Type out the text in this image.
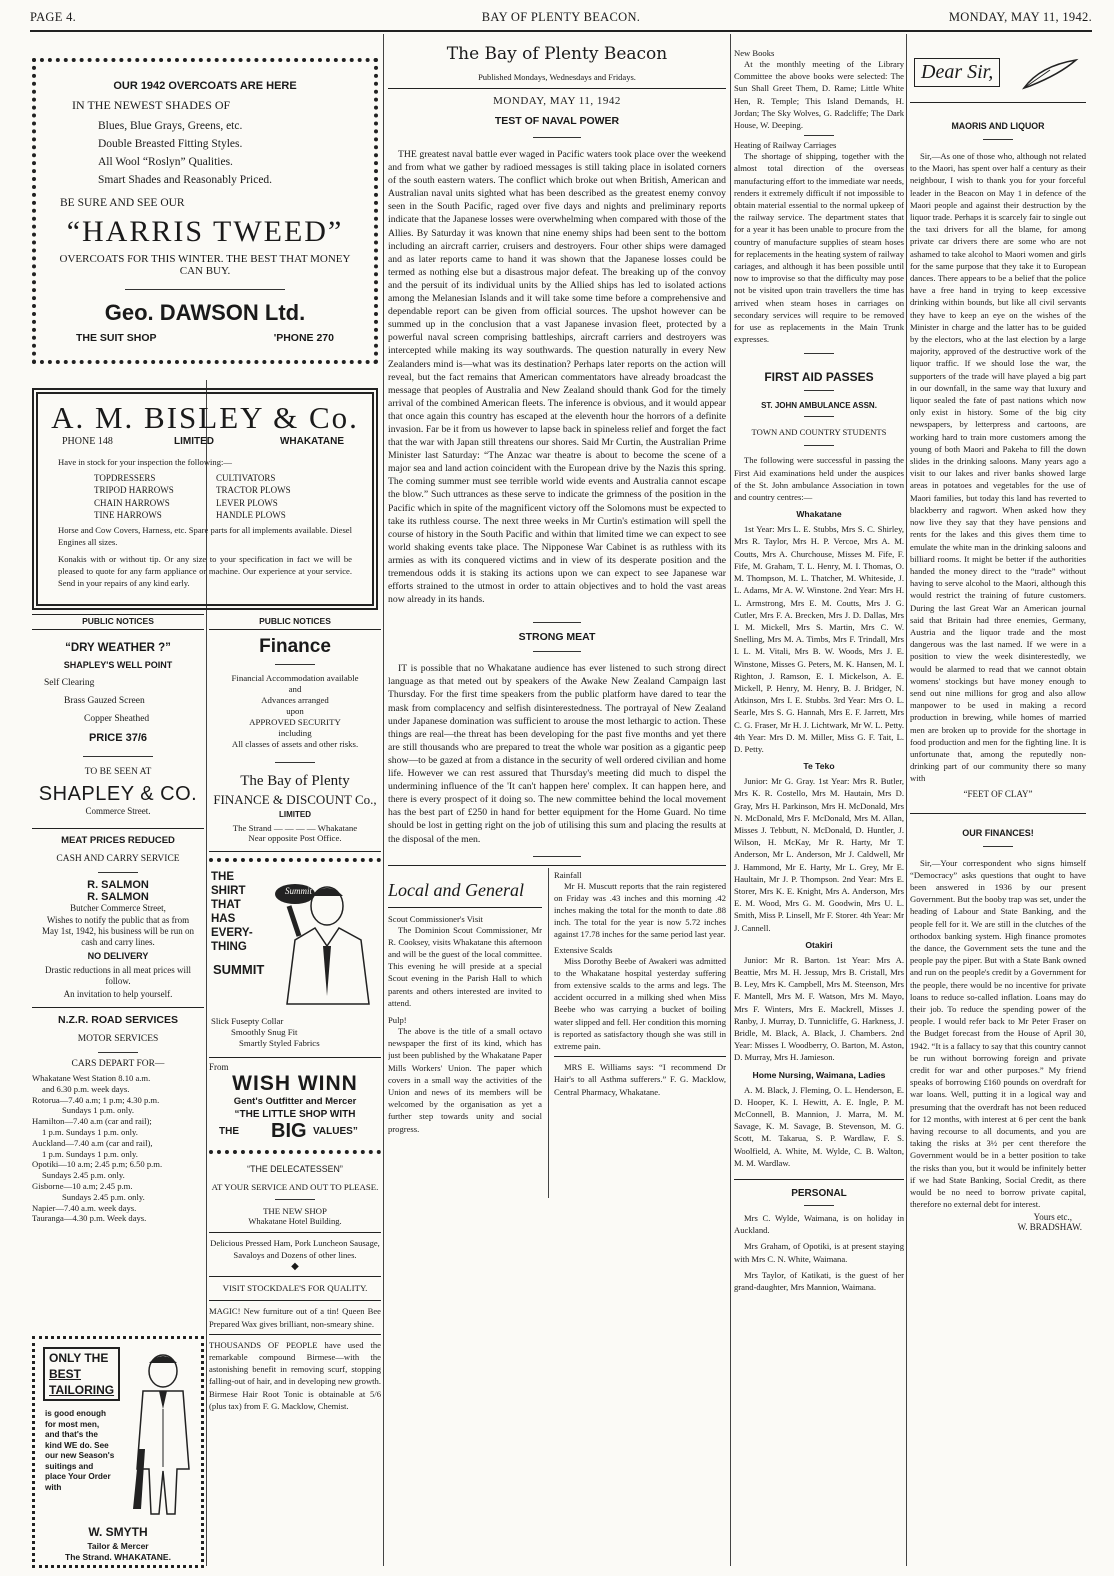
PAGE 4.	BAY OF PLENTY BEACON.	MONDAY, MAY 11, 1942.
OUR 1942 OVERCOATS ARE HERE
IN THE NEWEST SHADES OF
Blues, Blue Grays, Greens, etc.
Double Breasted Fitting Styles.
All Wool “Roslyn” Qualities.
Smart Shades and Reasonably Priced.
BE SURE AND SEE OUR
“HARRIS TWEED”
OVERCOATS FOR THIS WINTER. THE BEST THAT MONEY CAN BUY.
Geo. DAWSON Ltd.
THE SUIT SHOP	'PHONE 270
A. M. BISLEY & Co.
PHONE 148	LIMITED	WHAKATANE
Have in stock for your inspection the following:—
TOPDRESSERS
TRIPOD HARROWS
CHAIN HARROWS
TINE HARROWS
CULTIVATORS
TRACTOR PLOWS
LEVER PLOWS
HANDLE PLOWS
Horse and Cow Covers, Harness, etc. Spare parts for all implements available. Diesel Engines all sizes.
Konakis with or without tip. Or any size to your specification in fact we will be pleased to quote for any farm appliance or machine. Our experience at your service. Send in your repairs of any kind early.
PUBLIC NOTICES
“DRY WEATHER ?”
SHAPLEY'S WELL POINT
Self Clearing
Brass Gauzed Screen
Copper Sheathed
PRICE 37/6
TO BE SEEN AT
SHAPLEY & CO.
Commerce Street.
MEAT PRICES REDUCED
CASH AND CARRY SERVICE
R. SALMON
R. SALMON
Butcher Commerce Street,
Wishes to notify the public that as from May 1st, 1942, his business will be run on cash and carry lines.
NO DELIVERY
Drastic reductions in all meat prices will follow.
An invitation to help yourself.
N.Z.R. ROAD SERVICES
MOTOR SERVICES
CARS DEPART FOR—
Whakatane West Station 8.10 a.m.
and 6.30 p.m. week days.
Rotorua—7.40 a.m; 1 p.m; 4.30 p.m.
Sundays 1 p.m. only.
Hamilton—7.40 a.m (car and rail);
1 p.m. Sundays 1 p.m. only.
Auckland—7.40 a.m (car and rail),
1 p.m. Sundays 1 p.m. only.
Opotiki—10 a.m; 2.45 p.m; 6.50 p.m.
Sundays 2.45 p.m. only.
Gisborne—10 a.m; 2.45 p.m.
Sundays 2.45 p.m. only.
Napier—7.40 a.m. week days.
Tauranga—4.30 p.m. Week days.
ONLY THE
BEST
TAILORING
is good enough for most men, and that's the kind WE do. See our new Season's suitings and place Your Order with
W. SMYTH
Tailor & Mercer
The Strand. WHAKATANE.
PUBLIC NOTICES
Finance
Financial Accommodation available
and
Advances arranged
upon
APPROVED SECURITY
including
All classes of assets and other risks.
The Bay of Plenty
FINANCE & DISCOUNT Co.,
LIMITED
The Strand — — — — Whakatane
Near opposite Post Office.
THE
SHIRT
THAT
HAS
EVERY-
THING
SUMMIT
Summit
Slick Fusepty Collar
Smoothly Snug Fit
Smartly Styled Fabrics
From
WISH WINN
Gent's Outfitter and Mercer
“THE LITTLE SHOP WITH
THE BIG VALUES”
“THE DELECATESSEN”
AT YOUR SERVICE AND OUT TO PLEASE.
THE NEW SHOP
Whakatane Hotel Building.
Delicious Pressed Ham, Pork Luncheon Sausage, Savaloys and Dozens of other lines.
◆
VISIT STOCKDALE'S FOR QUALITY.
MAGIC! New furniture out of a tin! Queen Bee Prepared Wax gives brilliant, non-smeary shine.
THOUSANDS OF PEOPLE have used the remarkable compound Birmese—with the astonishing benefit in removing scurf, stopping falling-out of hair, and in developing new growth. Birmese Hair Root Tonic is obtainable at 5/6 (plus tax) from F. G. Macklow, Chemist.
The Bay of Plenty Beacon
Published Mondays, Wednesdays and Fridays.
MONDAY, MAY 11, 1942
TEST OF NAVAL POWER

THE greatest naval battle ever waged in Pacific waters took place over the weekend and from what we gather by radioed messages is still taking place in isolated corners of the south eastern waters. The conflict which broke out when British, American and Australian naval units sighted what has been described as the greatest enemy convoy seen in the South Pacific, raged over five days and nights and preliminary reports indicate that the Japanese losses were overwhelming when compared with those of the Allies. By Saturday it was known that nine enemy ships had been sent to the bottom including an aircraft carrier, cruisers and destroyers. Four other ships were damaged and as later reports came to hand it was shown that the Japanese losses could be termed as nothing else but a disastrous major defeat. The breaking up of the convoy and the persuit of its individual units by the Allied ships has led to isolated actions among the Melanesian Islands and it will take some time before a comprehensive and dependable report can be given from official sources. The upshot however can be summed up in the conclusion that a vast Japanese invasion fleet, protected by a powerful naval screen comprising battleships, aircraft carriers and destroyers was intercepted while making its way southwards. The question naturally in every New Zealanders mind is—what was its destination? Perhaps later reports on the action will reveal, but the fact remains that American commentators have already broadcast the message that peoples of Australia and New Zealand should thank God for the timely arrival of the combined American fleets. The inference is obvious, and it would appear that once again this country has escaped at the eleventh hour the horrors of a definite invasion. Far be it from us however to lapse back in spineless relief and forget the fact that the war with Japan still threatens our shores. Said Mr Curtin, the Australian Prime Minister last Saturday: “The Anzac war theatre is about to become the scene of a major sea and land action coincident with the European drive by the Nazis this spring. The coming summer must see terrible world wide events and Australia cannot escape the blow.” Such uttrances as these serve to indicate the grimness of the position in the Pacific which in spite of the magnificent victory off the Solomons must be expected to take its ruthless course. The next three weeks in Mr Curtin's estimation will spell the course of history in the South Pacific and within that limited time we can expect to see world shaking events take place. The Nipponese War Cabinet is as ruthless with its armies as with its conquered victims and in view of its desperate position and the tremendous odds it is staking its actions upon we can expect to see Japanese war efforts strained to the utmost in order to attain objectives and to hold the vast areas now already in its hands.

STRONG MEAT

IT is possible that no Whakatane audience has ever listened to such strong direct language as that meted out by speakers of the Awake New Zealand Campaign last Thursday. For the first time speakers from the public platform have dared to tear the mask from complacency and selfish disinterestedness. The portrayal of New Zealand under Japanese domination was sufficient to arouse the most lethargic to action. These things are real—the threat has been developing for the past five months and yet there are still thousands who are prepared to treat the whole war position as a gigantic peep show—to be gazed at from a distance in the security of well ordered civilian and home life. However we can rest assured that Thursday's meeting did much to dispel the undermining influence of the 'It can't happen here' complex. It can happen here, and there is every prospect of it doing so. The new committee behind the local movement has the best part of £250 in hand for better equipment for the Home Guard. No time should be lost in getting right on the job of utilising this sum and placing the results at the disposal of the men.

Local and General
Scout Commissioner's Visit

The Dominion Scout Commissioner, Mr R. Cooksey, visits Whakatane this afternoon and will be the guest of the local committee. This evening he will preside at a special Scout evening in the Parish Hall to which parents and others interested are invited to attend.

Pulp!

The above is the title of a small octavo newspaper the first of its kind, which has just been published by the Whakatane Paper Mills Workers' Union. The paper which covers in a small way the activities of the Union and news of its members will be welcomed by the organisation as yet a further step towards unity and social progress.

Rainfall

Mr H. Muscutt reports that the rain registered on Friday was .43 inches and this morning .42 inches making the total for the month to date .88 inch. The total for the year is now 5.72 inches against 17.78 inches for the same period last year.

Extensive Scalds

Miss Dorothy Beebe of Awakeri was admitted to the Whakatane hospital yesterday suffering from extensive scalds to the arms and legs. The accident occurred in a milking shed when Miss Beebe who was carrying a bucket of boiling water slipped and fell. Her condition this morning is reported as satisfactory though she was still in extreme pain.

MRS E. Williams says: “I recommend Dr Hair's to all Asthma sufferers.” F. G. Macklow, Central Pharmacy, Whakatane.

New Books

At the monthly meeting of the Library Committee the above books were selected: The Sun Shall Greet Them, D. Rame; Little White Hen, R. Temple; This Island Demands, H. Jordan; The Sky Wolves, G. Radcliffe; The Dark House, W. Deeping.

Heating of Railway Carriages

The shortage of shipping, together with the almost total direction of the overseas manufacturing effort to the immediate war needs, renders it extremely difficult if not impossible to obtain material essential to the normal upkeep of the railway service. The department states that for a year it has been unable to procure from the country of manufacture supplies of steam hoses for replacements in the heating system of railway cariages, and although it has been possible until now to improvise so that the difficulty may pose not be visited upon train travellers the time has arrived when steam hoses in carriages on secondary services will require to be removed for use as replacements in the Main Trunk expresses.

FIRST AID PASSES
ST. JOHN AMBULANCE ASSN.
TOWN AND COUNTRY STUDENTS

The following were successful in passing the First Aid examinations held under the auspices of the St. John ambulance Association in town and country centres:—

Whakatane

1st Year: Mrs L. E. Stubbs, Mrs S. C. Shirley, Mrs R. Taylor, Mrs H. P. Vercoe, Mrs A. M. Coutts, Mrs A. Churchouse, Misses M. Fife, F. Fife, M. Graham, T. L. Henry, M. I. Thomas, O. M. Thompson, M. L. Thatcher, M. Whiteside, J. L. Adams, Mr A. W. Winstone. 2nd Year: Mrs H. L. Armstrong, Mrs E. M. Coutts, Mrs J. G. Cutler, Mrs F. A. Brecken, Mrs J. D. Dallas, Mrs I. M. Mickell, Mrs S. Martin, Mrs C. W. Snelling, Mrs M. A. Timbs, Mrs F. Trindall, Mrs I. L. M. Vitali, Mrs B. W. Woods, Mrs J. E. Winstone, Misses G. Peters, M. K. Hansen, M. I. Righton, J. Ramson, E. I. Mickelson, A. E. Mickell, P. Henry, M. Henry, B. J. Bridger, N. Atkinson, Mrs I. E. Stubbs. 3rd Year: Mrs O. L. Searle, Mrs S. G. Hannah, Mrs E. F. Jarrett, Mrs C. G. Fraser, Mr H. J. Lichtwark, Mr W. L. Petty. 4th Year: Mrs D. M. Miller, Miss G. F. Tait, L. D. Petty.

Te Teko

Junior: Mr G. Gray. 1st Year: Mrs R. Butler, Mrs K. R. Costello, Mrs M. Hautain, Mrs D. Gray, Mrs H. Parkinson, Mrs H. McDonald, Mrs N. McDonald, Mrs F. McDonald, Mrs M. Allan, Misses J. Tebbutt, N. McDonald, D. Huntler, J. Wilson, H. McKay, Mr R. Harty, Mr T. Anderson, Mr L. Anderson, Mr J. Caldwell, Mr J. Hammond, Mr E. Harty, Mr L. Grey, Mr E. Haultain, Mr J. P. Thompson. 2nd Year: Mrs E. Storer, Mrs K. E. Knight, Mrs A. Anderson, Mrs E. M. Wood, Mrs G. M. Goodwin, Mrs U. L. Smith, Miss P. Linsell, Mr F. Storer. 4th Year: Mr J. Cannell.

Otakiri

Junior: Mr R. Barton. 1st Year: Mrs A. Beattie, Mrs M. H. Jessup, Mrs B. Cristall, Mrs B. Ley, Mrs K. Campbell, Mrs M. Steenson, Mrs F. Mantell, Mrs M. F. Watson, Mrs M. Mayo, Mrs F. Winters, Mrs E. Mackrell, Misses J. Ranby, J. Murray, D. Tunnicliffe, G. Harkness, J. Bridle, M. Black, A. Black, J. Chambers. 2nd Year: Misses I. Woodberry, O. Barton, M. Aston, D. Murray, Mrs H. Jamieson.

Home Nursing, Waimana, Ladies

A. M. Black, J. Fleming, O. L. Henderson, E. D. Hooper, K. I. Hewitt, A. E. Ingle, P. M. McConnell, B. Mannion, J. Marra, M. M. Savage, K. M. Savage, B. Stevenson, M. G. Scott, M. Takarua, S. P. Wardlaw, F. S. Woolfield, A. White, M. Wylde, C. B. Walton, M. M. Wardlaw.

PERSONAL

Mrs C. Wylde, Waimana, is on holiday in Auckland.

Mrs Graham, of Opotiki, is at present staying with Mrs C. N. White, Waimana.

Mrs Taylor, of Katikati, is the guest of her grand-daughter, Mrs Mannion, Waimana.

Dear Sir,
MAORIS AND LIQUOR

Sir,—As one of those who, although not related to the Maori, has spent over half a century as their neighbour, I wish to thank you for your forceful leader in the Beacon on May 1 in defence of the Maori people and against their destruction by the liquor trade. Perhaps it is scarcely fair to single out the taxi drivers for all the blame, for among private car drivers there are some who are not ashamed to take alcohol to Maori women and girls for the same purpose that they take it to European dances. There appears to be a belief that the police have a free hand in trying to keep excessive drinking within bounds, but like all civil servants they have to keep an eye on the wishes of the Minister in charge and the latter has to be guided by the electors, who at the last election by a large majority, approved of the destructive work of the liquor traffic. If we should lose the war, the supporters of the trade will have played a big part in our downfall, in the same way that luxury and liquor sealed the fate of past nations which now only exist in history. Some of the big city newspapers, by letterpress and cartoons, are working hard to train more customers among the young of both Maori and Pakeha to fill the down slides in the drinking saloons. Many years ago a visit to our lakes and river banks showed large areas in potatoes and vegetables for the use of Maori families, but today this land has reverted to blackberry and ragwort. When asked how they now live they say that they have pensions and rents for the lakes and this gives them time to emulate the white man in the drinking saloons and billiard rooms. It might be better if the authorities handed the money direct to the “trade” without having to serve alcohol to the Maori, although this would restrict the training of future customers. During the last Great War an American journal said that Britain had three enemies, Germany, Austria and the liquor trade and the most dangerous was the last named. If we were in a position to view the week disinterestedly, we would be alarmed to read that we cannot obtain womens' stockings but have money enough to send out nine millions for grog and also allow manpower to be used in making a record production in brewing, while homes of married men are broken up to provide for the shortage in food production and men for the fighting line. It is unfortunate that, among the reputedly non-drinking part of our community there so many with

“FEET OF CLAY”
OUR FINANCES!

Sir,—Your correspondent who signs himself “Democracy” asks questions that ought to have been answered in 1936 by our present Government. But the booby trap was set, under the heading of Labour and State Banking, and the people fell for it. We are still in the clutches of the orthodox banking system. High finance promotes the dance, the Government sets the tune and the people pay the piper. But with a State Bank owned and run on the people's credit by a Government for the people, there would be no incentive for private loans to reduce so-called inflation. Loans may do their job. To reduce the spending power of the people. I would refer back to Mr Peter Fraser on the Budget forecast from the House of April 30, 1942. “It is a fallacy to say that this country cannot be run without borrowing foreign and private credit for war and other purposes.” My friend speaks of borrowing £160 pounds on overdraft for war loans. Well, putting it in a logical way and presuming that the overdraft has not been reduced for 12 months, with interest at 6 per cent the bank having recourse to all documents, and you are taking the risks at 3½ per cent therefore the Government would be in a better position to take the risks than you, but it would be infinitely better if we had State Banking, Social Credit, as there would be no need to borrow private capital, therefore no external debt for interest.

Yours etc.,
W. BRADSHAW.
